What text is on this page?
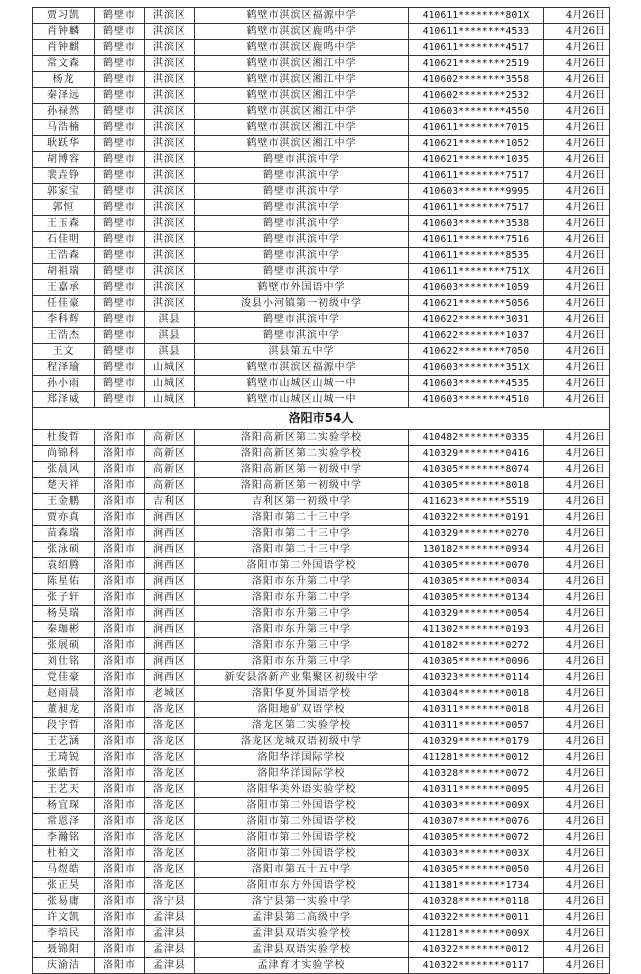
贾习凯	鹤壁市	淇滨区	鹤壁市淇滨区福源中学	410611********801X	4月26日
肖钟麟	鹤壁市	淇滨区	鹤壁市淇滨区鹿鸣中学	410611********4533	4月26日
肖钟麒	鹤壁市	淇滨区	鹤壁市淇滨区鹿鸣中学	410611********4517	4月26日
常文森	鹤壁市	淇滨区	鹤壁市淇滨区湘江中学	410621********2519	4月26日
杨龙	鹤壁市	淇滨区	鹤壁市淇滨区湘江中学	410602********3558	4月26日
秦泽远	鹤壁市	淇滨区	鹤壁市淇滨区湘江中学	410602********2532	4月26日
孙禄然	鹤壁市	淇滨区	鹤壁市淇滨区湘江中学	410603********4550	4月26日
马浩楠	鹤壁市	淇滨区	鹤壁市淇滨区湘江中学	410611********7015	4月26日
耿跃华	鹤壁市	淇滨区	鹤壁市淇滨区湘江中学	410621********1052	4月26日
胡博容	鹤壁市	淇滨区	鹤壁市淇滨中学	410621********1035	4月26日
裴垚铮	鹤壁市	淇滨区	鹤壁市淇滨中学	410611********7517	4月26日
郭家宝	鹤壁市	淇滨区	鹤壁市淇滨中学	410603********9995	4月26日
郭恒	鹤壁市	淇滨区	鹤壁市淇滨中学	410611********7517	4月26日
王玉森	鹤壁市	淇滨区	鹤壁市淇滨中学	410603********3538	4月26日
石佳明	鹤壁市	淇滨区	鹤壁市淇滨中学	410611********7516	4月26日
王浩森	鹤壁市	淇滨区	鹤壁市淇滨中学	410611********8535	4月26日
胡祖瑞	鹤壁市	淇滨区	鹤壁市淇滨中学	410611********751X	4月26日
王嘉承	鹤壁市	淇滨区	鹤壁市外国语中学	410603********1059	4月26日
任佳豪	鹤壁市	淇滨区	浚县小河镇第一初级中学	410621********5056	4月26日
李科辉	鹤壁市	淇县	鹤壁市淇滨中学	410622********3031	4月26日
王浩杰	鹤壁市	淇县	鹤壁市淇滨中学	410622********1037	4月26日
王文	鹤壁市	淇县	淇县第五中学	410622********7050	4月26日
程泽瑜	鹤壁市	山城区	鹤壁市淇滨区福源中学	410603********351X	4月26日
孙小雨	鹤壁市	山城区	鹤壁市山城区山城一中	410603********4535	4月26日
郑泽威	鹤壁市	山城区	鹤壁市山城区山城一中	410603********4510	4月26日
洛阳市54人					
杜俊哲	洛阳市	高新区	洛阳高新区第二实验学校	410482********0335	4月26日
尚锦科	洛阳市	高新区	洛阳高新区第二实验学校	410329********0416	4月26日
张晨风	洛阳市	高新区	洛阳高新区第一初级中学	410305********8074	4月26日
楚天祥	洛阳市	高新区	洛阳高新区第一初级中学	410305********8018	4月26日
王金鹏	洛阳市	吉利区	吉利区第一初级中学	411623********5519	4月26日
贾亦真	洛阳市	涧西区	洛阳市第二十三中学	410322********0191	4月26日
苗森瑞	洛阳市	涧西区	洛阳市第二十三中学	410329********0270	4月26日
张泳硕	洛阳市	涧西区	洛阳市第二十三中学	130182********0934	4月26日
袁绍腾	洛阳市	涧西区	洛阳市第二外国语学校	410305********0070	4月26日
陈星佑	洛阳市	涧西区	洛阳市东升第二中学	410305********0034	4月26日
张子轩	洛阳市	涧西区	洛阳市东升第二中学	410305********0134	4月26日
杨昊瑞	洛阳市	涧西区	洛阳市东升第三中学	410329********0054	4月26日
秦珈彬	洛阳市	涧西区	洛阳市东升第三中学	411302********0193	4月26日
张展硕	洛阳市	涧西区	洛阳市东升第三中学	410182********0272	4月26日
刘仕铭	洛阳市	涧西区	洛阳市东升第三中学	410305********0096	4月26日
党佳豪	洛阳市	涧西区	新安县洛新产业集聚区初级中学	410323********0114	4月26日
赵雨晨	洛阳市	老城区	洛阳华夏外国语学校	410304********0018	4月26日
董昶龙	洛阳市	洛龙区	洛阳地矿双语学校	410311********0018	4月26日
段宇哲	洛阳市	洛龙区	洛龙区第二实验学校	410311********0057	4月26日
王艺涵	洛阳市	洛龙区	洛龙区龙城双语初级中学	410329********0179	4月26日
王琦锐	洛阳市	洛龙区	洛阳华洋国际学校	411281********0012	4月26日
张皓哲	洛阳市	洛龙区	洛阳华洋国际学校	410328********0072	4月26日
王艺天	洛阳市	洛龙区	洛阳华美外语实验学校	410311********0095	4月26日
杨宜琛	洛阳市	洛龙区	洛阳市第二外国语学校	410303********009X	4月26日
常恩泽	洛阳市	洛龙区	洛阳市第二外国语学校	410307********0076	4月26日
李瀚铭	洛阳市	洛龙区	洛阳市第二外国语学校	410305********0072	4月26日
杜柏文	洛阳市	洛龙区	洛阳市第二外国语学校	410303********003X	4月26日
马煜皓	洛阳市	洛龙区	洛阳市第五十五中学	410305********0050	4月26日
张正昊	洛阳市	洛龙区	洛阳市东方外国语学校	411381********1734	4月26日
张易庸	洛阳市	洛宁县	洛宁县第一实验中学	410328********0118	4月26日
许文凯	洛阳市	孟津县	孟津县第二高级中学	410322********0011	4月26日
李培民	洛阳市	孟津县	孟津县双语实验学校	411281********009X	4月26日
聂锦阳	洛阳市	孟津县	孟津县双语实验学校	410322********0012	4月26日
庆渝洁	洛阳市	孟津县	孟津育才实验学校	410322********0117	4月26日
